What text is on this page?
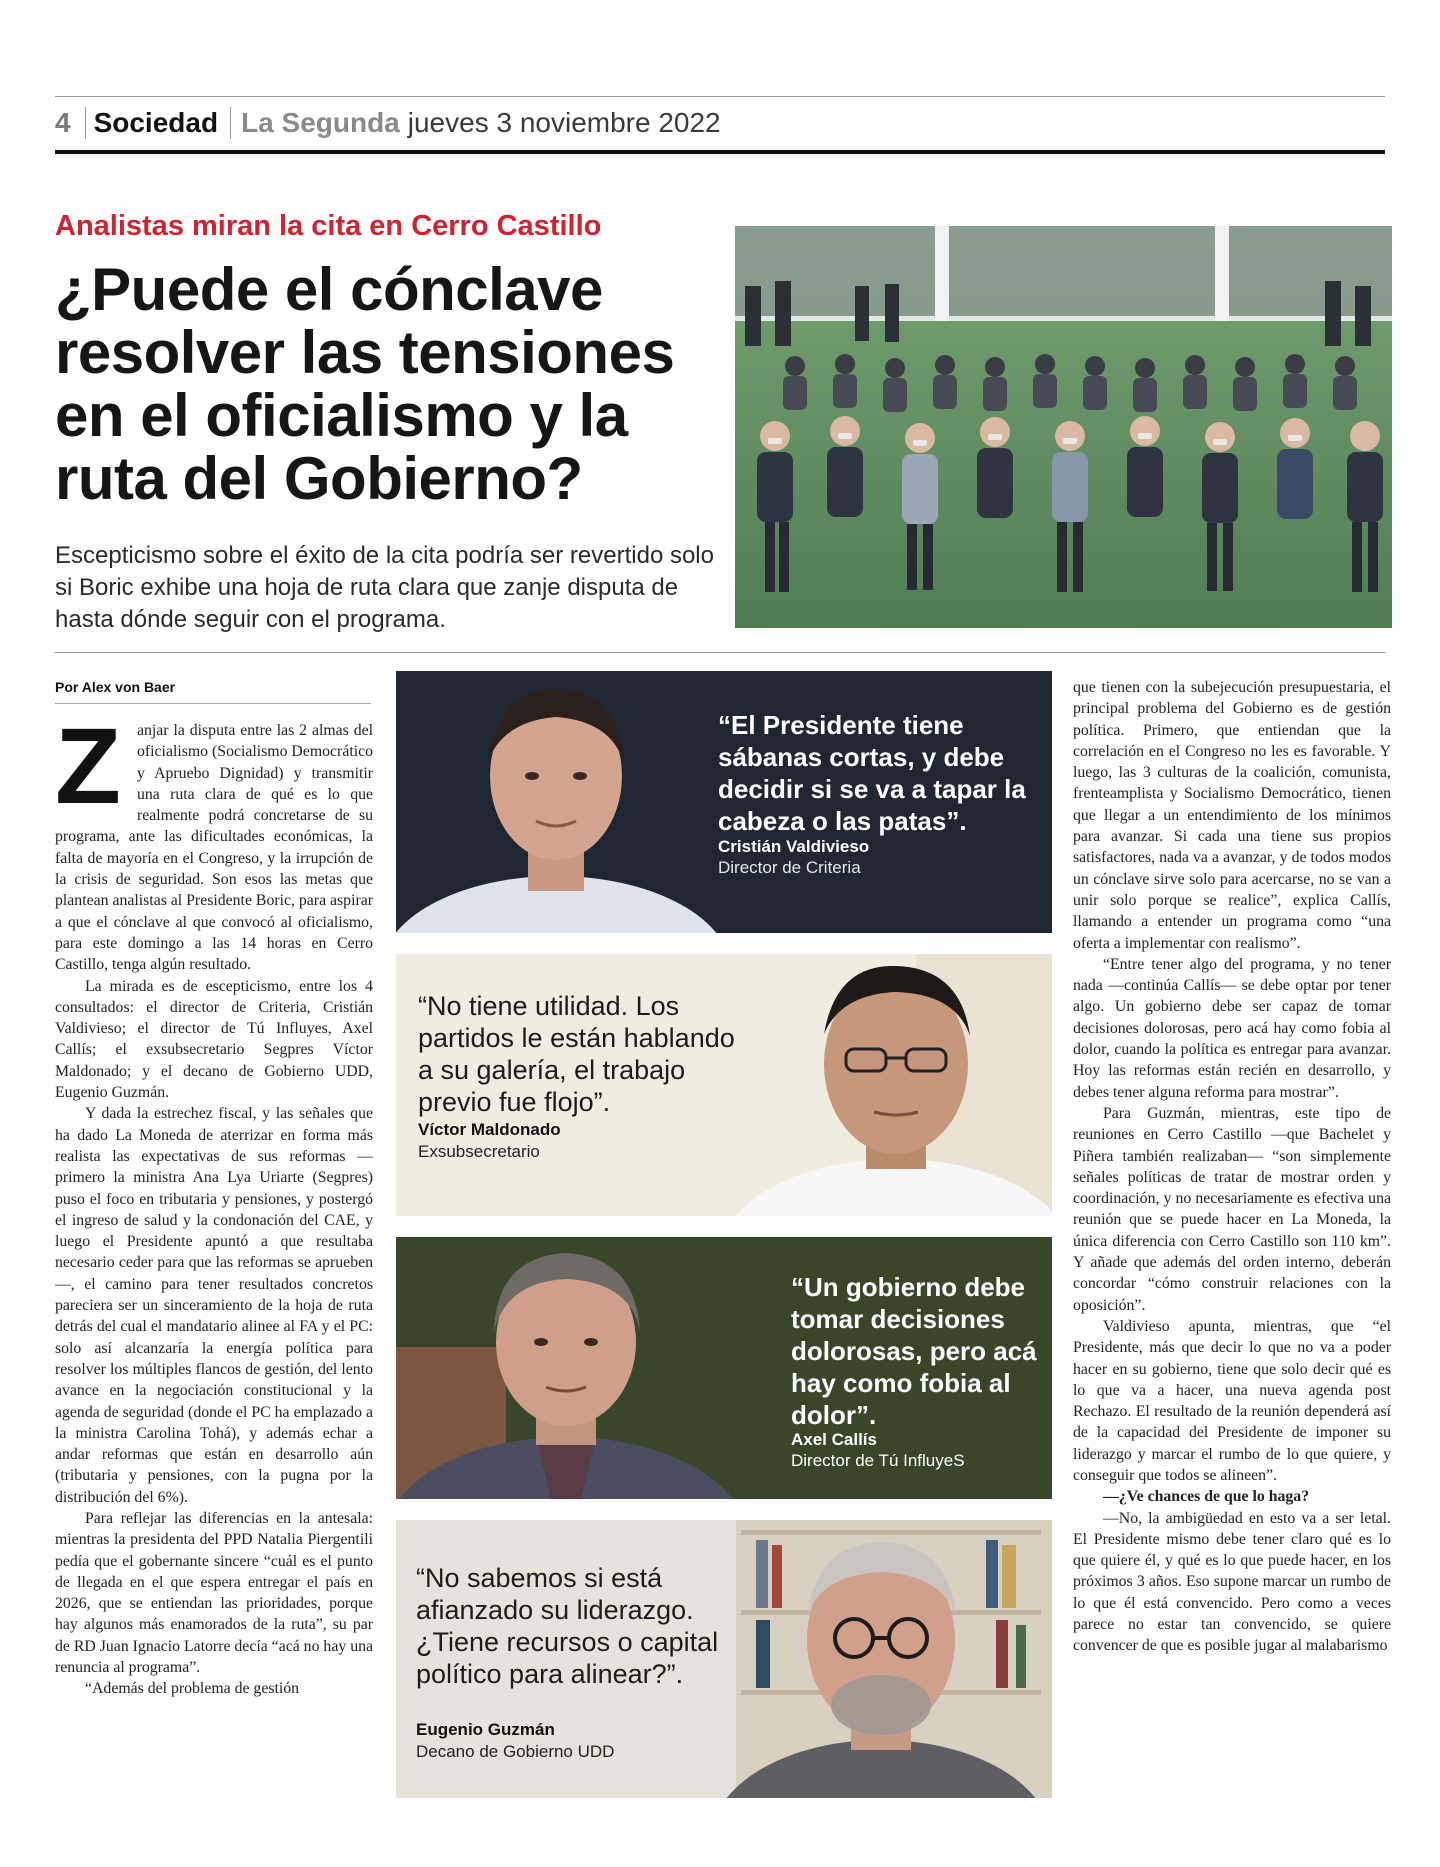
4 Sociedad La Segunda jueves 3 noviembre 2022
Analistas miran la cita en Cerro Castillo
¿Puede el cónclave resolver las tensiones en el oficialismo y la ruta del Gobierno?
Escepticismo sobre el éxito de la cita podría ser revertido solo si Boric exhibe una hoja de ruta clara que zanje disputa de hasta dónde seguir con el programa.
Por Alex von Baer

Z	anjar la disputa entre las 2 almas del oficialismo (Socialismo Democrático y Apruebo Dignidad) y transmitir una ruta clara de qué es lo que realmente podrá concretarse de su programa, ante las dificultades económicas, la falta de mayoría en el Congreso, y la irrupción de la crisis de seguridad. Son esos las metas que plantean analistas al Presidente Boric, para aspirar a que el cónclave al que convocó al oficialismo, para este domingo a las 14 horas en Cerro Castillo, tenga algún resultado.

La mirada es de escepticismo, entre los 4 consultados: el director de Criteria, Cristián Valdivieso; el director de Tú Influyes, Axel Callís; el exsubsecretario Segpres Víctor Maldonado; y el decano de Gobierno UDD, Eugenio Guzmán.

Y dada la estrechez fiscal, y las señales que ha dado La Moneda de aterrizar en forma más realista las expectativas de sus reformas —primero la ministra Ana Lya Uriarte (Segpres) puso el foco en tributaria y pensiones, y postergó el ingreso de salud y la condonación del CAE, y luego el Presidente apuntó a que resultaba necesario ceder para que las reformas se aprueben—, el camino para tener resultados concretos pareciera ser un sinceramiento de la hoja de ruta detrás del cual el mandatario alinee al FA y el PC: solo así alcanzaría la energía política para resolver los múltiples flancos de gestión, del lento avance en la negociación constitucional y la agenda de seguridad (donde el PC ha emplazado a la ministra Carolina Tohá), y además echar a andar reformas que están en desarrollo aún (tributaria y pensiones, con la pugna por la distribución del 6%).

Para reflejar las diferencias en la antesala: mientras la presidenta del PPD Natalia Piergentili pedía que el gobernante sincere “cuál es el punto de llegada en el que espera entregar el país en 2026, que se entiendan las prioridades, porque hay algunos más enamorados de la ruta”, su par de RD Juan Ignacio Latorre decía “acá no hay una renuncia al programa”.

“Además del problema de gestión

“El Presidente tiene sábanas cortas, y debe decidir si se va a tapar la cabeza o las patas”.
Cristián Valdivieso
Director de Criteria
“No tiene utilidad. Los partidos le están hablando a su galería, el trabajo previo fue flojo”.
Víctor Maldonado
Exsubsecretario
“Un gobierno debe tomar decisiones dolorosas, pero acá hay como fobia al dolor”.
Axel Callís
Director de Tú InfluyeS
“No sabemos si está afianzado su liderazgo. ¿Tiene recursos o capital político para alinear?”.
Eugenio Guzmán
Decano de Gobierno UDD

que tienen con la subejecución presupuestaria, el principal problema del Gobierno es de gestión política. Primero, que entiendan que la correlación en el Congreso no les es favorable. Y luego, las 3 culturas de la coalición, comunista, frenteamplista y Socialismo Democrático, tienen que llegar a un entendimiento de los mínimos para avanzar. Si cada una tiene sus propios satisfactores, nada va a avanzar, y de todos modos un cónclave sirve solo para acercarse, no se van a unir solo porque se realice”, explica Callís, llamando a entender un programa como “una oferta a implementar con realismo”.

“Entre tener algo del programa, y no tener nada —continúa Callís— se debe optar por tener algo. Un gobierno debe ser capaz de tomar decisiones dolorosas, pero acá hay como fobia al dolor, cuando la política es entregar para avanzar. Hoy las reformas están recién en desarrollo, y debes tener alguna reforma para mostrar”.

Para Guzmán, mientras, este tipo de reuniones en Cerro Castillo —que Bachelet y Piñera también realizaban— “son simplemente señales políticas de tratar de mostrar orden y coordinación, y no necesariamente es efectiva una reunión que se puede hacer en La Moneda, la única diferencia con Cerro Castillo son 110 km”. Y añade que además del orden interno, deberán concordar “cómo construir relaciones con la oposición”.

Valdivieso apunta, mientras, que “el Presidente, más que decir lo que no va a poder hacer en su gobierno, tiene que solo decir qué es lo que va a hacer, una nueva agenda post Rechazo. El resultado de la reunión dependerá así de la capacidad del Presidente de imponer su liderazgo y marcar el rumbo de lo que quiere, y conseguir que todos se alineen”.

—¿Ve chances de que lo haga?

—No, la ambigüedad en esto va a ser letal. El Presidente mismo debe tener claro qué es lo que quiere él, y qué es lo que puede hacer, en los próximos 3 años. Eso supone marcar un rumbo de lo que él está convencido. Pero como a veces parece no estar tan convencido, se quiere convencer de que es posible jugar al malabarismo
